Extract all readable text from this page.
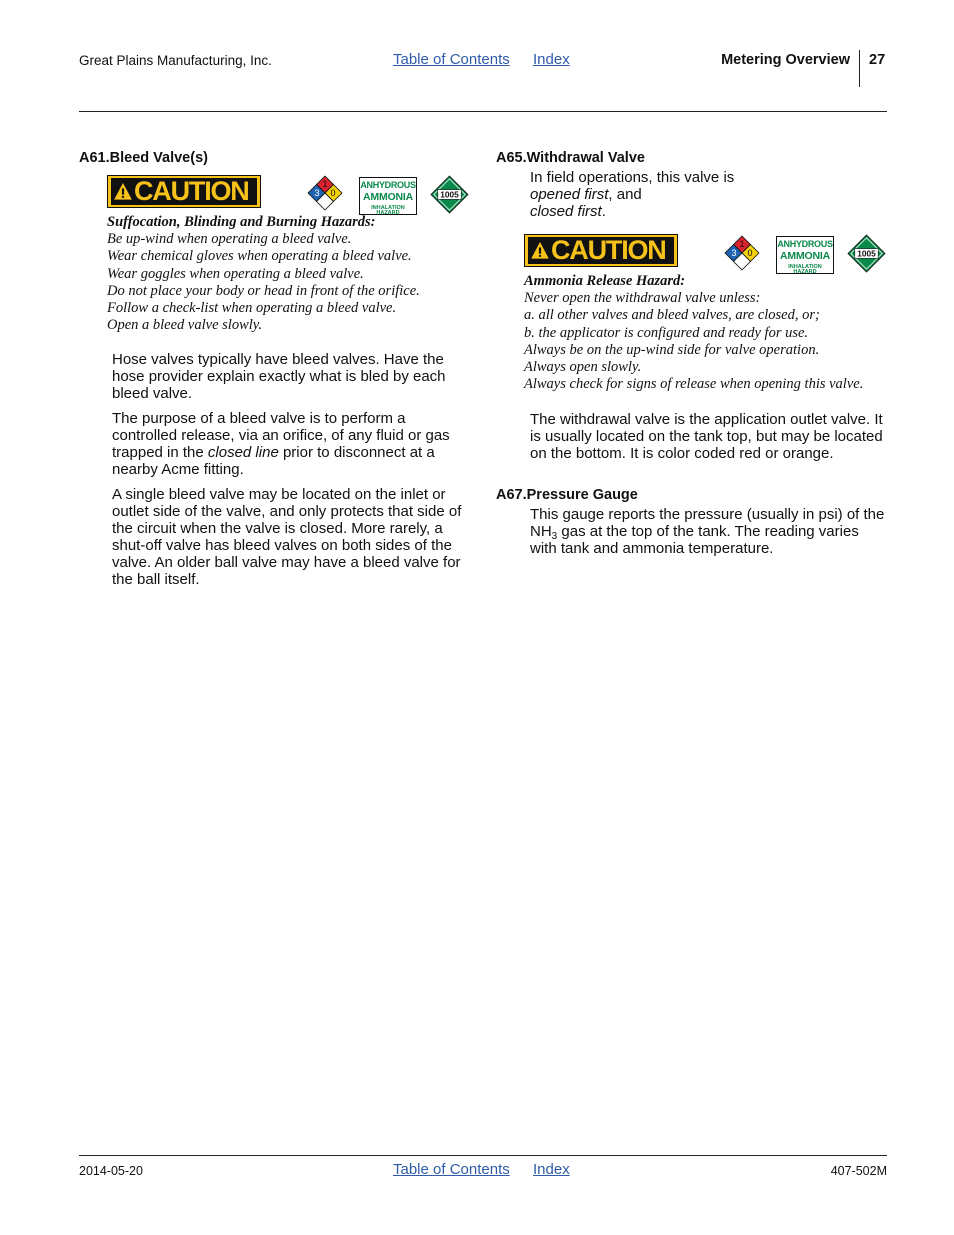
Great Plains Manufacturing, Inc.	Table of Contents Index	Metering Overview 27
A61.Bleed Valve(s)
CAUTION	1
3 0
ANHYDROUS
AMMONIA
INHALATION HAZARD
1005
Suffocation, Blinding and Burning Hazards:
Be up-wind when operating a bleed valve.
Wear chemical gloves when operating a bleed valve.
Wear goggles when operating a bleed valve.
Do not place your body or head in front of the orifice.
Follow a check-list when operating a bleed valve.
Open a bleed valve slowly.

Hose valves typically have bleed valves. Have the hose provider explain exactly what is bled by each bleed valve.

The purpose of a bleed valve is to perform a controlled release, via an orifice, of any fluid or gas trapped in the closed line prior to disconnect at a nearby Acme fitting.

A single bleed valve may be located on the inlet or outlet side of the valve, and only protects that side of the circuit when the valve is closed. More rarely, a shut-off valve has bleed valves on both sides of the valve. An older ball valve may have a bleed valve for the ball itself.

A65.Withdrawal Valve
In field operations, this valve is
opened first, and
closed first.
CAUTION	1
3 0
ANHYDROUS
AMMONIA
INHALATION HAZARD
1005
Ammonia Release Hazard:
Never open the withdrawal valve unless:
a. all other valves and bleed valves, are closed, or;
b. the applicator is configured and ready for use.
Always be on the up-wind side for valve operation.
Always open slowly.
Always check for signs of release when opening this valve.
The withdrawal valve is the application outlet valve. It is usually located on the tank top, but may be located on the bottom. It is color coded red or orange.
A67.Pressure Gauge
This gauge reports the pressure (usually in psi) of the $NH_3$ gas at the top of the tank. The reading varies with tank and ammonia temperature.
2014-05-20	Table of Contents Index	407-502M
